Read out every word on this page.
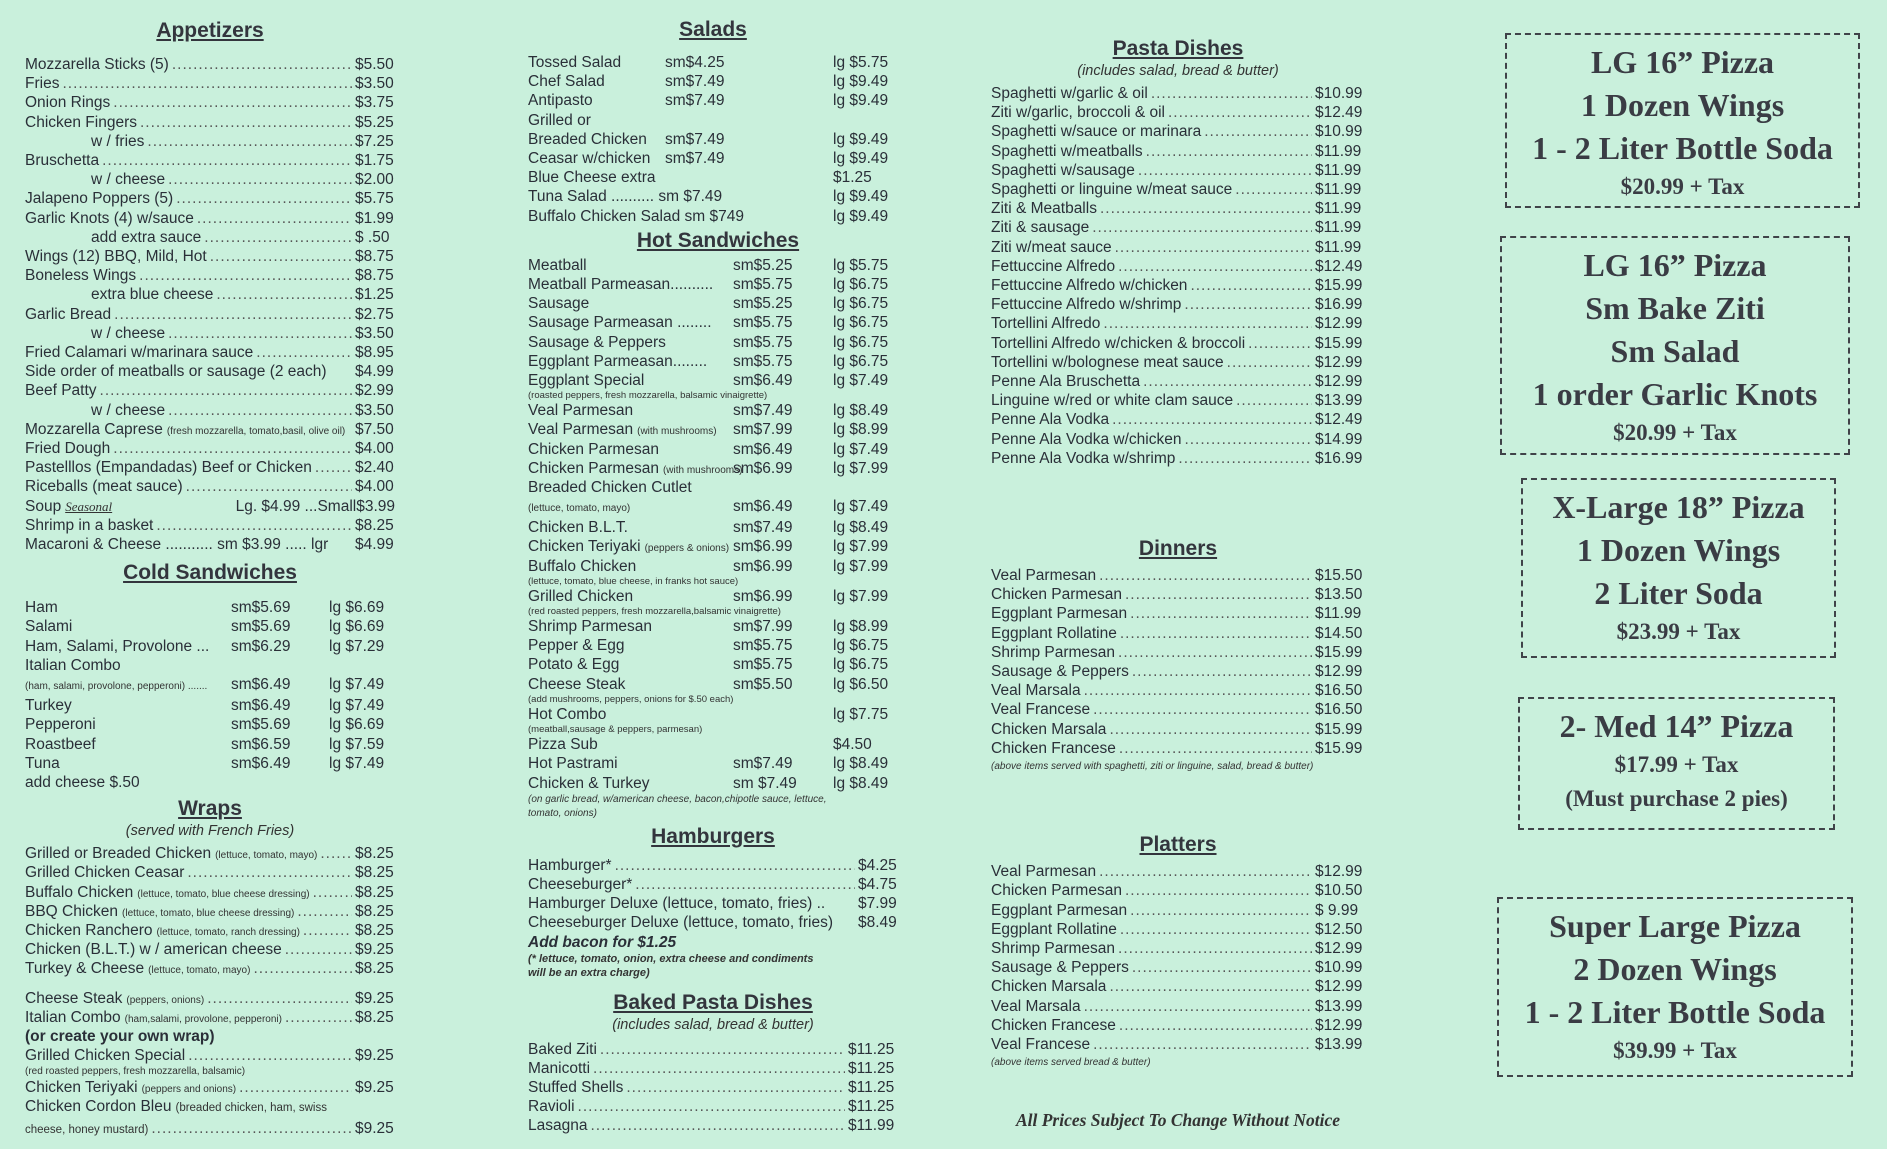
Appetizers
Mozzarella Sticks (5) .....	$5.50
Fries .....	$3.50
Onion Rings .....	$3.75
Chicken Fingers .....	$5.25
w / fries .....	$7.25
Bruschetta .....	$1.75
w / cheese .....	$2.00
Jalapeno Poppers (5) .....	$5.75
Garlic Knots (4) w/sauce .....	$1.99
add extra sauce .....	$ .50
Wings (12) BBQ, Mild, Hot .....	$8.75
Boneless Wings .....	$8.75
extra blue cheese .....	$1.25
Garlic Bread .....	$2.75
w / cheese .....	$3.50
Fried Calamari w/marinara sauce .....	$8.95
Side order of meatballs or sausage (2 each) $4.99
Beef Patty .....	$2.99
w / cheese .....	$3.50
Mozzarella Caprese (fresh mozzarella, tomato,basil, olive oil) $7.50
Fried Dough .....	$4.00
Pastelllos (Empandadas) Beef or Chicken .....	$2.40
Riceballs (meat sauce) .....	$4.00
Soup Seasonal	Lg. $4.99 ...Small$3.99
Shrimp in a basket .....	$8.25
Macaroni & Cheese ........... sm $3.99 ..... lgr $4.99
Cold Sandwiches
Ham	sm$5.69 lg $6.69
Salami	sm$5.69 lg $6.69
Ham, Salami, Provolone ... sm$6.29 lg $7.29
Italian Combo
(ham, salami, provolone, pepperoni) ....... sm$6.49 lg $7.49
Turkey	sm$6.49 lg $7.49
Pepperoni	sm$5.69 lg $6.69
Roastbeef	sm$6.59 lg $7.59
Tuna	sm$6.49 lg $7.49
add cheese $.50
Wraps
(served with French Fries)
Grilled or Breaded Chicken (lettuce, tomato, mayo) ..... $8.25
Grilled Chicken Ceasar .....	$8.25
Buffalo Chicken (lettuce, tomato, blue cheese dressing) .....	$8.25
BBQ Chicken (lettuce, tomato, blue cheese dressing) .....	$8.25
Chicken Ranchero (lettuce, tomato, ranch dressing) .....	$8.25
Chicken (B.L.T.) w / american cheese .....	$9.25
Turkey & Cheese (lettuce, tomato, mayo) .....	$8.25
Cheese Steak (peppers, onions) .....	$9.25
Italian Combo (ham,salami, provolone, pepperoni) .....	$8.25
(or create your own wrap)
Grilled Chicken Special .....	$9.25
(red roasted peppers, fresh mozzarella, balsamic)
Chicken Teriyaki (peppers and onions) .....	$9.25
Chicken Cordon Bleu (breaded chicken, ham, swiss
cheese, honey mustard) .....	$9.25
Salads
Tossed Salad	sm$4.25	lg $5.75
Chef Salad	sm$7.49	lg $9.49
Antipasto	sm$7.49	lg $9.49
Grilled or
Breaded Chicken sm$7.49	lg $9.49
Ceasar w/chicken sm$7.49	lg $9.49
Blue Cheese extra	$1.25
Tuna Salad .......... sm $7.49	lg $9.49
Buffalo Chicken Salad sm $749	lg $9.49
Hot Sandwiches
Meatball	sm$5.25	lg $5.75
Meatball Parmeasan.......... sm$5.75	lg $6.75
Sausage	sm$5.25	lg $6.75
Sausage Parmeasan ........ sm$5.75	lg $6.75
Sausage & Peppers	sm$5.75	lg $6.75
Eggplant Parmeasan........ sm$5.75	lg $6.75
Eggplant Special	sm$6.49	lg $7.49
(roasted peppers, fresh mozzarella, balsamic vinaigrette)
Veal Parmesan	sm$7.49	lg $8.49
Veal Parmesan (with mushrooms) sm$7.99	lg $8.99
Chicken Parmesan	sm$6.49	lg $7.49
Chicken Parmesan (with mushrooms)
sm$6.99	lg $7.99
Breaded Chicken Cutlet
(lettuce, tomato, mayo)	sm$6.49	lg $7.49
Chicken B.L.T.	sm$7.49	lg $8.49
Chicken Teriyaki (peppers & onions) sm$6.99	lg $7.99
Buffalo Chicken	sm$6.99	lg $7.99
(lettuce, tomato, blue cheese, in franks hot sauce)
Grilled Chicken	sm$6.99	lg $7.99
(red roasted peppers, fresh mozzarella,balsamic vinaigrette)
Shrimp Parmesan	sm$7.99	lg $8.99
Pepper & Egg	sm$5.75	lg $6.75
Potato & Egg	sm$5.75	lg $6.75
Cheese Steak	sm$5.50	lg $6.50
(add mushrooms, peppers, onions for $.50 each)
Hot Combo	lg $7.75
(meatball,sausage & peppers, parmesan)
Pizza Sub	$4.50
Hot Pastrami	sm$7.49	lg $8.49
Chicken & Turkey	sm $7.49 lg $8.49
(on garlic bread, w/american cheese, bacon,chipotle sauce, lettuce,
tomato, onions)
Hamburgers
Hamburger* .....	$4.25
Cheeseburger* .....	$4.75
Hamburger Deluxe (lettuce, tomato, fries) .. $7.99
Cheeseburger Deluxe (lettuce, tomato, fries) $8.49
Add bacon for $1.25
(* lettuce, tomato, onion, extra cheese and condiments
will be an extra charge)
Baked Pasta Dishes
(includes salad, bread & butter)
Baked Ziti .....	$11.25
Manicotti .....	$11.25
Stuffed Shells .....	$11.25
Ravioli .....	$11.25
Lasagna .....	$11.99
Pasta Dishes
(includes salad, bread & butter)
Spaghetti w/garlic & oil .....	$10.99
Ziti w/garlic, broccoli & oil .....	$12.49
Spaghetti w/sauce or marinara .....	$10.99
Spaghetti w/meatballs .....	$11.99
Spaghetti w/sausage .....	$11.99
Spaghetti or linguine w/meat sauce .....	$11.99
Ziti & Meatballs .....	$11.99
Ziti & sausage .....	$11.99
Ziti w/meat sauce .....	$11.99
Fettuccine Alfredo .....	$12.49
Fettuccine Alfredo w/chicken .....	$15.99
Fettuccine Alfredo w/shrimp .....	$16.99
Tortellini Alfredo .....	$12.99
Tortellini Alfredo w/chicken & broccoli .....	$15.99
Tortellini w/bolognese meat sauce .....	$12.99
Penne Ala Bruschetta .....	$12.99
Linguine w/red or white clam sauce .....	$13.99
Penne Ala Vodka .....	$12.49
Penne Ala Vodka w/chicken .....	$14.99
Penne Ala Vodka w/shrimp .....	$16.99
Dinners
Veal Parmesan .....	$15.50
Chicken Parmesan .....	$13.50
Eggplant Parmesan .....	$11.99
Eggplant Rollatine .....	$14.50
Shrimp Parmesan .....	$15.99
Sausage & Peppers .....	$12.99
Veal Marsala .....	$16.50
Veal Francese .....	$16.50
Chicken Marsala .....	$15.99
Chicken Francese .....	$15.99
(above items served with spaghetti, ziti or linguine, salad, bread & butter)
Platters
Veal Parmesan .....	$12.99
Chicken Parmesan .....	$10.50
Eggplant Parmesan .....	$ 9.99
Eggplant Rollatine .....	$12.50
Shrimp Parmesan .....	$12.99
Sausage & Peppers .....	$10.99
Chicken Marsala .....	$12.99
Veal Marsala .....	$13.99
Chicken Francese .....	$12.99
Veal Francese .....	$13.99
(above items served bread & butter)
All Prices Subject To Change Without Notice
LG 16” Pizza
1 Dozen Wings
1 - 2 Liter Bottle Soda
$20.99 + Tax
LG 16” Pizza
Sm Bake Ziti
Sm Salad
1 order Garlic Knots
$20.99 + Tax
X-Large 18” Pizza
1 Dozen Wings
2 Liter Soda
$23.99 + Tax
2- Med 14” Pizza
$17.99 + Tax
(Must purchase 2 pies)
Super Large Pizza
2 Dozen Wings
1 - 2 Liter Bottle Soda
$39.99 + Tax
